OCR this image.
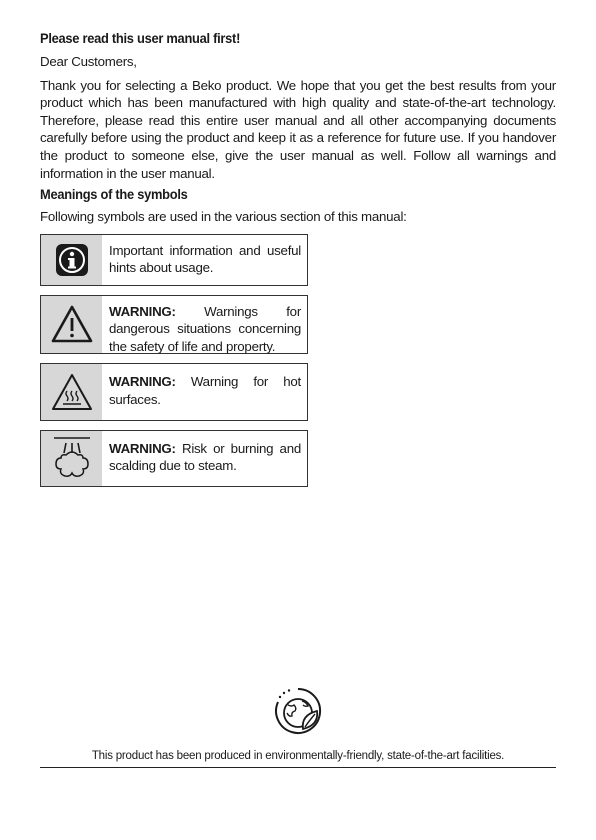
Please read this user manual first!

Dear Customers,

Thank you for selecting a Beko product. We hope that you get the best results from your product which has been manufactured with high quality and state-of-the-art technology. Therefore, please read this entire user manual and all other accompanying documents carefully before using the product and keep it as a reference for future use. If you handover the product to someone else, give the user manual as well. Follow all warnings and information in the user manual.

Meanings of the symbols

Following symbols are used in the various section of this manual:

Important information and useful hints about usage.
WARNING: Warnings for dangerous situations concerning the safety of life and property.
WARNING: Warning for hot surfaces.
WARNING: Risk or burning and scalding due to steam.
This product has been produced in environmentally-friendly, state-of-the-art facilities.
